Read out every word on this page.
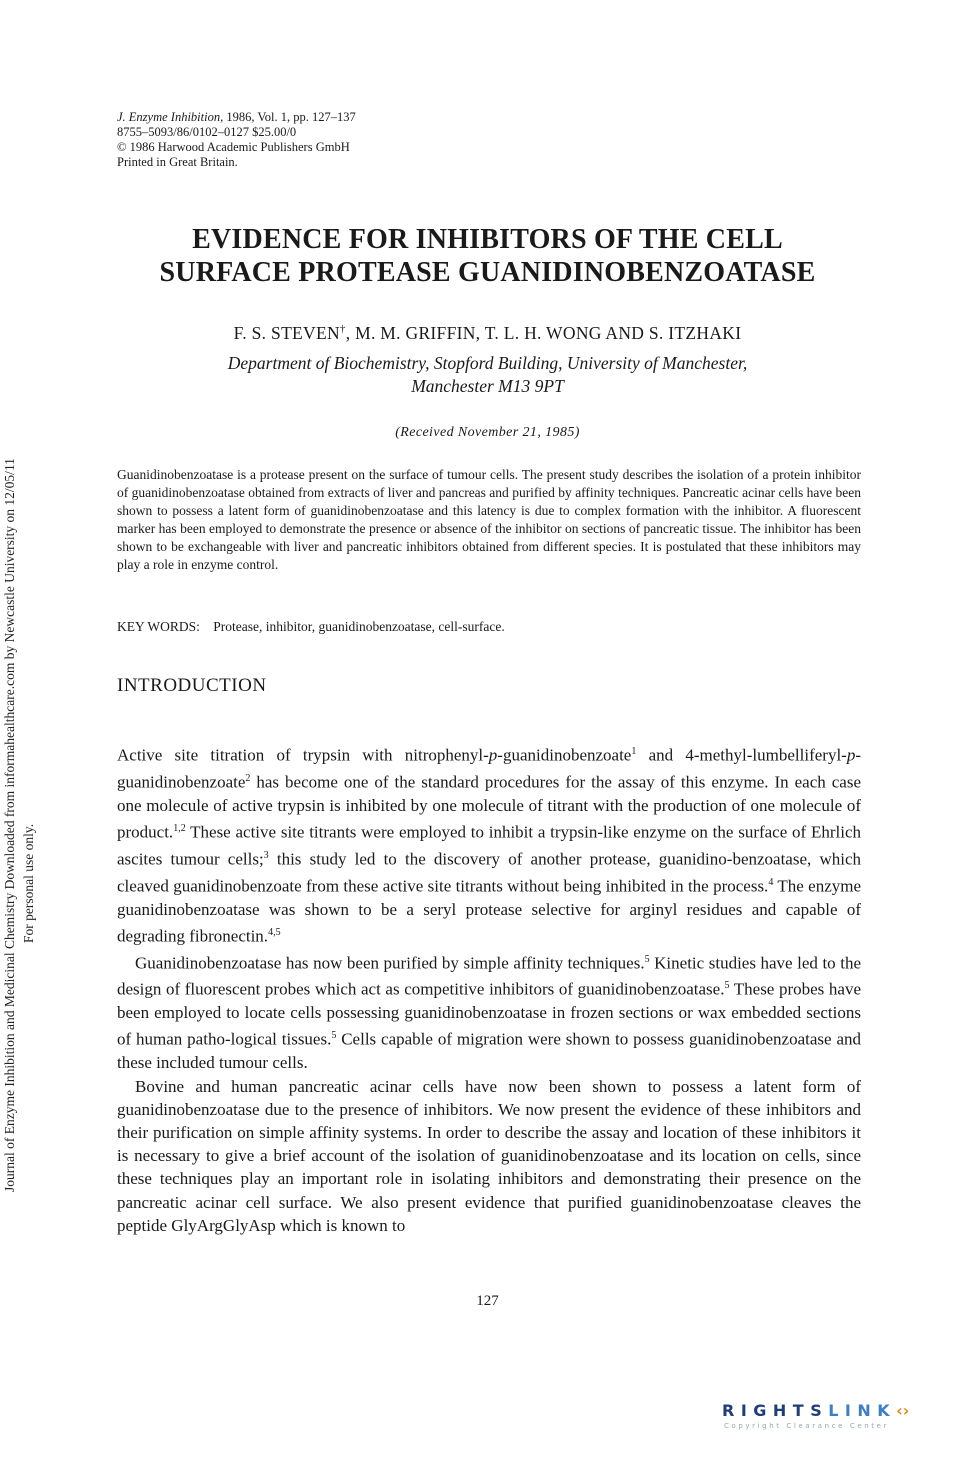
J. Enzyme Inhibition, 1986, Vol. 1, pp. 127–137
8755–5093/86/0102–0127 $25.00/0
© 1986 Harwood Academic Publishers GmbH
Printed in Great Britain.
Journal of Enzyme Inhibition and Medicinal Chemistry Downloaded from informahealthcare.com by Newcastle University on 12/05/11 For personal use only.
EVIDENCE FOR INHIBITORS OF THE CELL
SURFACE PROTEASE GUANIDINOBENZOATASE
F. S. STEVEN†, M. M. GRIFFIN, T. L. H. WONG AND S. ITZHAKI
Department of Biochemistry, Stopford Building, University of Manchester,
Manchester M13 9PT
(Received November 21, 1985)
Guanidinobenzoatase is a protease present on the surface of tumour cells. The present study describes the isolation of a protein inhibitor of guanidinobenzoatase obtained from extracts of liver and pancreas and purified by affinity techniques. Pancreatic acinar cells have been shown to possess a latent form of guanidinobenzoatase and this latency is due to complex formation with the inhibitor. A fluorescent marker has been employed to demonstrate the presence or absence of the inhibitor on sections of pancreatic tissue. The inhibitor has been shown to be exchangeable with liver and pancreatic inhibitors obtained from different species. It is postulated that these inhibitors may play a role in enzyme control.
KEY WORDS: Protease, inhibitor, guanidinobenzoatase, cell-surface.
INTRODUCTION

Active site titration of trypsin with nitrophenyl-p-guanidinobenzoate$^1$ and 4-methyl-lumbelliferyl-p-guanidinobenzoate$^2$ has become one of the standard procedures for the assay of this enzyme. In each case one molecule of active trypsin is inhibited by one molecule of titrant with the production of one molecule of product.$^{1,2}$ These active site titrants were employed to inhibit a trypsin-like enzyme on the surface of Ehrlich ascites tumour cells;$^3$ this study led to the discovery of another protease, guanidino-benzoatase, which cleaved guanidinobenzoate from these active site titrants without being inhibited in the process.$^4$ The enzyme guanidinobenzoatase was shown to be a seryl protease selective for arginyl residues and capable of degrading fibronectin.$^{4,5}$

Guanidinobenzoatase has now been purified by simple affinity techniques.$^5$ Kinetic studies have led to the design of fluorescent probes which act as competitive inhibitors of guanidinobenzoatase.$^5$ These probes have been employed to locate cells possessing guanidinobenzoatase in frozen sections or wax embedded sections of human patho-logical tissues.$^5$ Cells capable of migration were shown to possess guanidinobenzoatase and these included tumour cells.

Bovine and human pancreatic acinar cells have now been shown to possess a latent form of guanidinobenzoatase due to the presence of inhibitors. We now present the evidence of these inhibitors and their purification on simple affinity systems. In order to describe the assay and location of these inhibitors it is necessary to give a brief account of the isolation of guanidinobenzoatase and its location on cells, since these techniques play an important role in isolating inhibitors and demonstrating their presence on the pancreatic acinar cell surface. We also present evidence that purified guanidinobenzoatase cleaves the peptide GlyArgGlyAsp which is known to

127
RIGHTSLINK‹›
Copyright Clearance Center
